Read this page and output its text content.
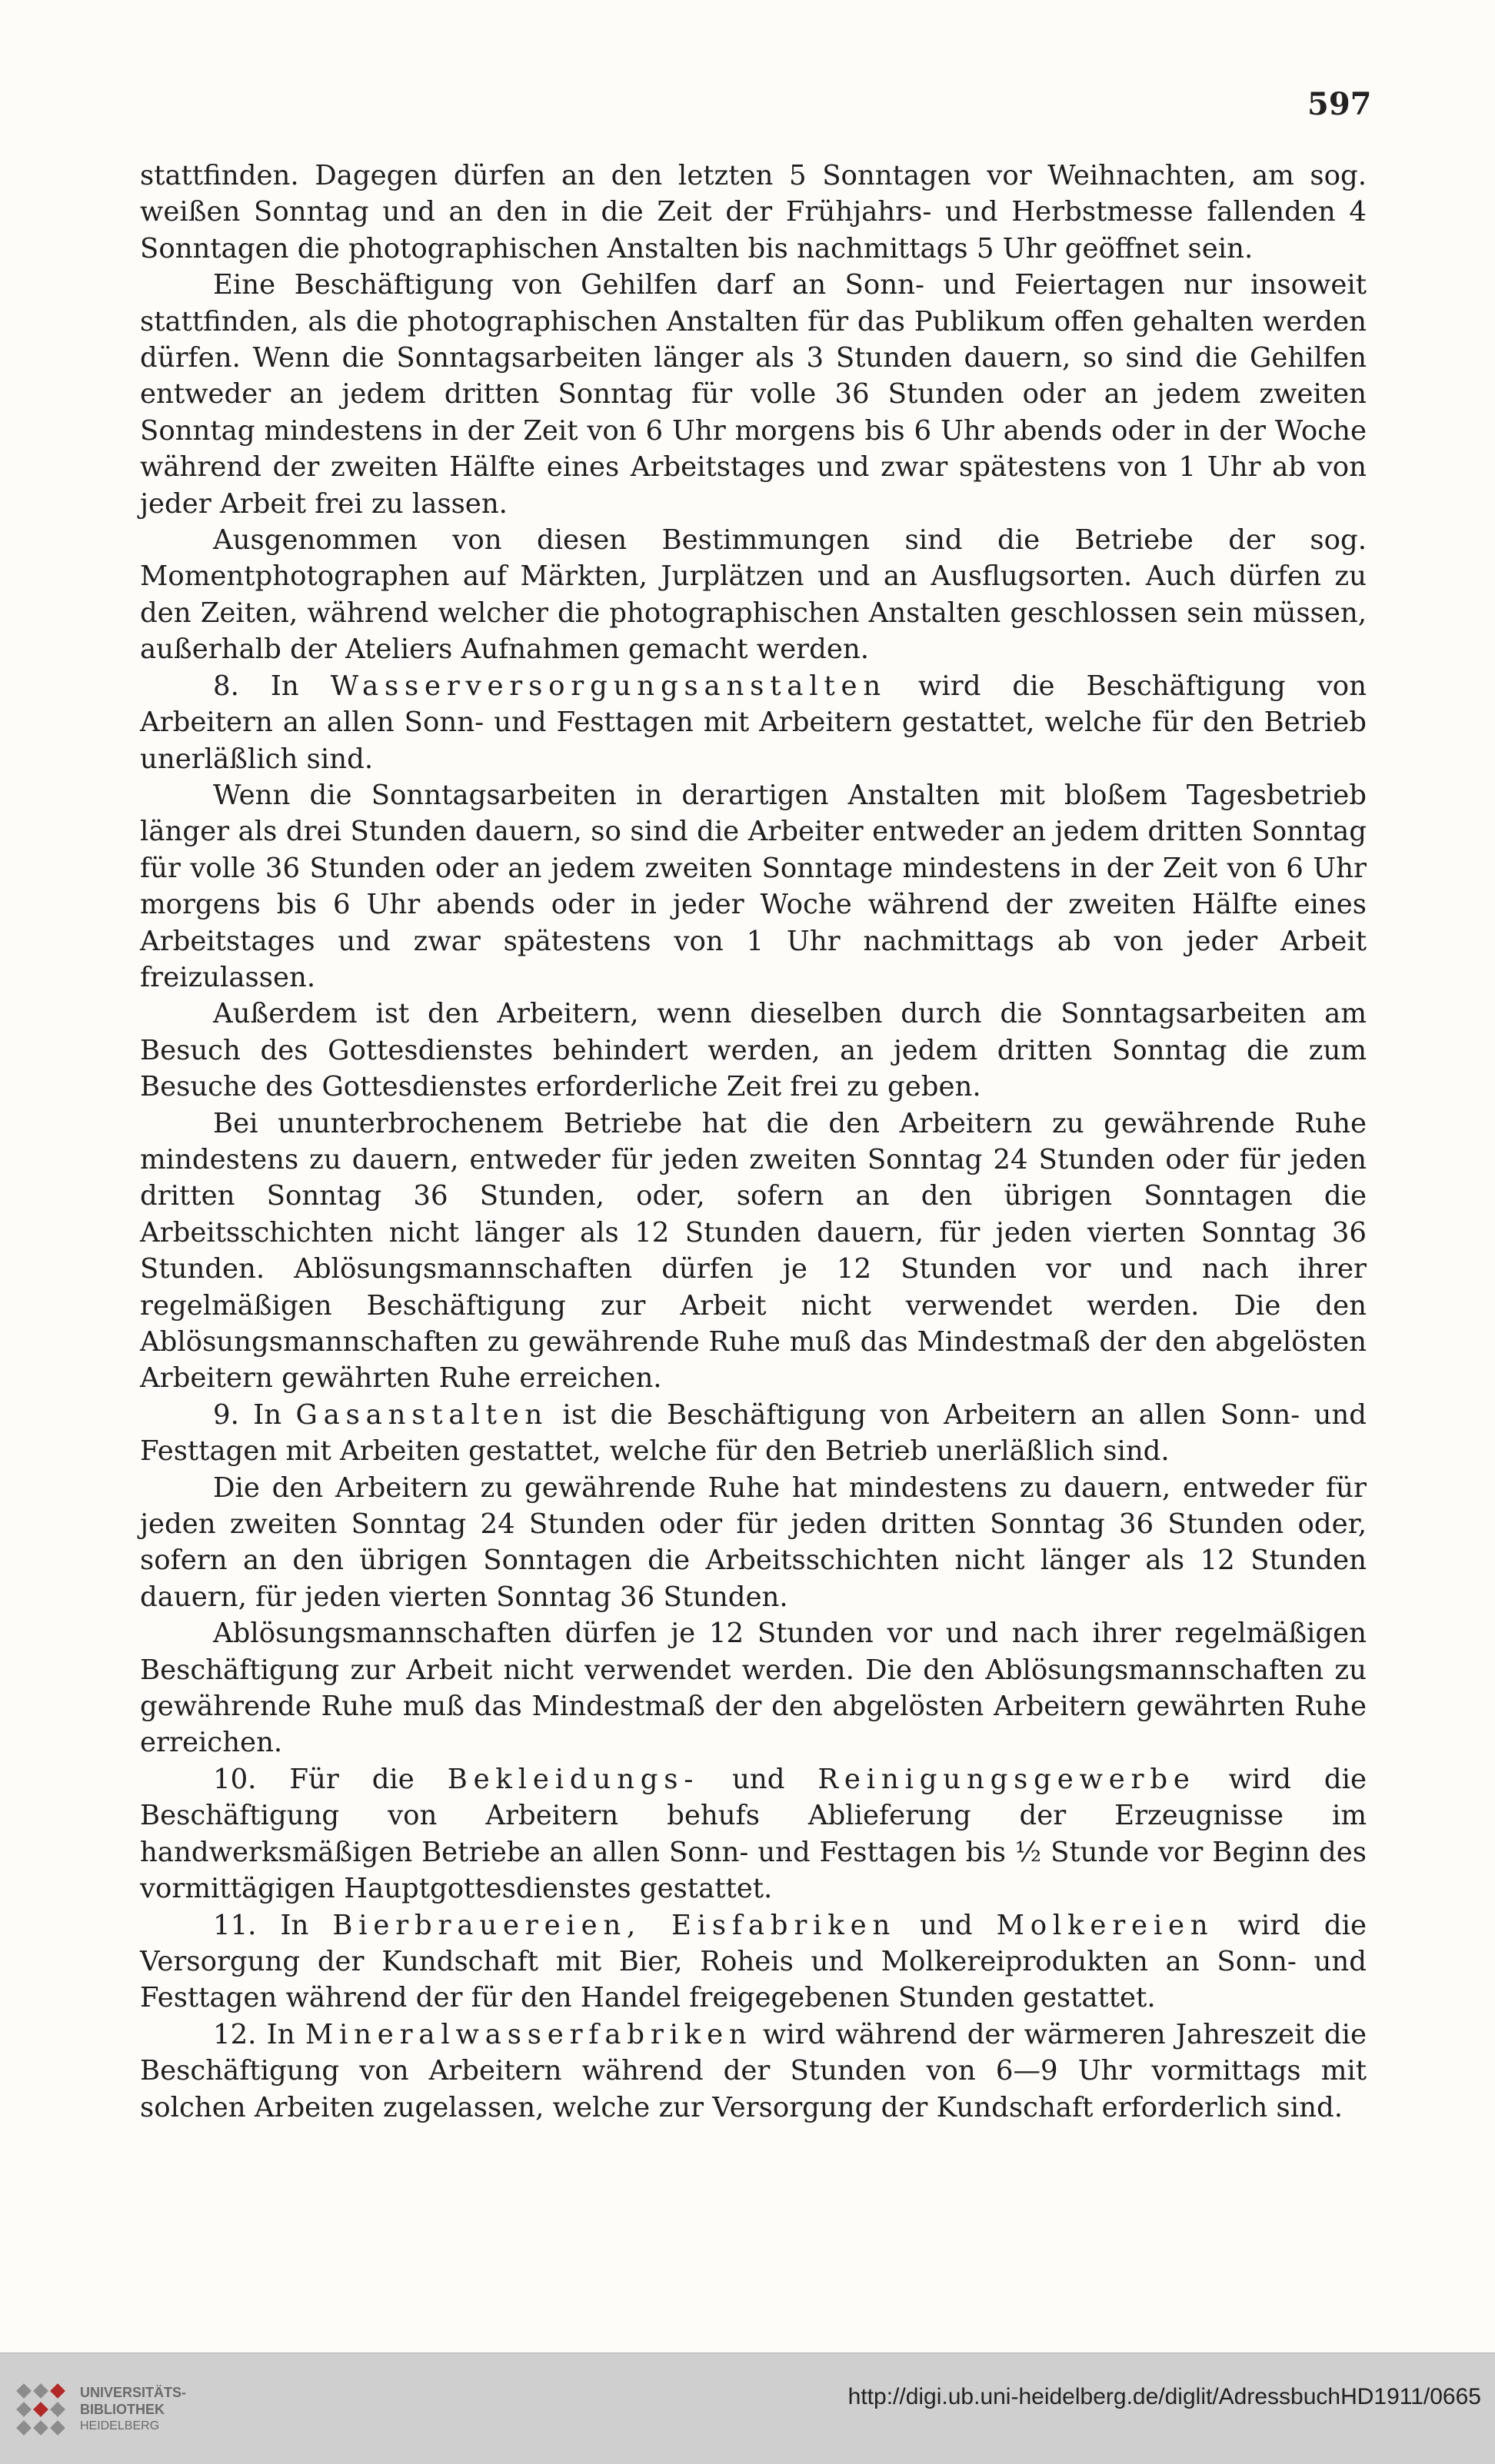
597

stattfinden. Dagegen dürfen an den letzten 5 Sonntagen vor Weihnachten, am sog. weißen Sonntag und an den in die Zeit der Frühjahrs- und Herbstmesse fallenden 4 Sonntagen die photographischen Anstalten bis nachmittags 5 Uhr geöffnet sein.

Eine Beschäftigung von Gehilfen darf an Sonn- und Feiertagen nur insoweit stattfinden, als die photographischen Anstalten für das Publikum offen gehalten werden dürfen. Wenn die Sonntagsarbeiten länger als 3 Stunden dauern, so sind die Gehilfen entweder an jedem dritten Sonntag für volle 36 Stunden oder an jedem zweiten Sonntag mindestens in der Zeit von 6 Uhr morgens bis 6 Uhr abends oder in der Woche während der zweiten Hälfte eines Arbeitstages und zwar spätestens von 1 Uhr ab von jeder Arbeit frei zu lassen.

Ausgenommen von diesen Bestimmungen sind die Betriebe der sog. Momentphotographen auf Märkten, Jurplätzen und an Ausflugsorten. Auch dürfen zu den Zeiten, während welcher die photographischen Anstalten geschlossen sein müssen, außerhalb der Ateliers Aufnahmen gemacht werden.

8. In Wasserversorgungsanstalten wird die Beschäftigung von Arbeitern an allen Sonn- und Festtagen mit Arbeitern gestattet, welche für den Betrieb unerläßlich sind.

Wenn die Sonntagsarbeiten in derartigen Anstalten mit bloßem Tagesbetrieb länger als drei Stunden dauern, so sind die Arbeiter entweder an jedem dritten Sonntag für volle 36 Stunden oder an jedem zweiten Sonntage mindestens in der Zeit von 6 Uhr morgens bis 6 Uhr abends oder in jeder Woche während der zweiten Hälfte eines Arbeitstages und zwar spätestens von 1 Uhr nachmittags ab von jeder Arbeit freizulassen.

Außerdem ist den Arbeitern, wenn dieselben durch die Sonntagsarbeiten am Besuch des Gottesdienstes behindert werden, an jedem dritten Sonntag die zum Besuche des Gottesdienstes erforderliche Zeit frei zu geben.

Bei ununterbrochenem Betriebe hat die den Arbeitern zu gewährende Ruhe mindestens zu dauern, entweder für jeden zweiten Sonntag 24 Stunden oder für jeden dritten Sonntag 36 Stunden, oder, sofern an den übrigen Sonntagen die Arbeitsschichten nicht länger als 12 Stunden dauern, für jeden vierten Sonntag 36 Stunden. Ablösungsmannschaften dürfen je 12 Stunden vor und nach ihrer regelmäßigen Beschäftigung zur Arbeit nicht verwendet werden. Die den Ablösungsmannschaften zu gewährende Ruhe muß das Mindestmaß der den abgelösten Arbeitern gewährten Ruhe erreichen.

9. In Gasanstalten ist die Beschäftigung von Arbeitern an allen Sonn- und Festtagen mit Arbeiten gestattet, welche für den Betrieb unerläßlich sind.

Die den Arbeitern zu gewährende Ruhe hat mindestens zu dauern, entweder für jeden zweiten Sonntag 24 Stunden oder für jeden dritten Sonntag 36 Stunden oder, sofern an den übrigen Sonntagen die Arbeitsschichten nicht länger als 12 Stunden dauern, für jeden vierten Sonntag 36 Stunden.

Ablösungsmannschaften dürfen je 12 Stunden vor und nach ihrer regelmäßigen Beschäftigung zur Arbeit nicht verwendet werden. Die den Ablösungsmannschaften zu gewährende Ruhe muß das Mindestmaß der den abgelösten Arbeitern gewährten Ruhe erreichen.

10. Für die Bekleidungs- und Reinigungsgewerbe wird die Beschäftigung von Arbeitern behufs Ablieferung der Erzeugnisse im handwerksmäßigen Betriebe an allen Sonn- und Festtagen bis ½ Stunde vor Beginn des vormittägigen Hauptgottesdienstes gestattet.

11. In Bierbrauereien, Eisfabriken und Molkereien wird die Versorgung der Kundschaft mit Bier, Roheis und Molkereiprodukten an Sonn- und Festtagen während der für den Handel freigegebenen Stunden gestattet.

12. In Mineralwasserfabriken wird während der wärmeren Jahreszeit die Beschäftigung von Arbeitern während der Stunden von 6—9 Uhr vormittags mit solchen Arbeiten zugelassen, welche zur Versorgung der Kundschaft erforderlich sind.

UNIVERSITÄTS-
BIBLIOTHEK
HEIDELBERG
http://digi.ub.uni-heidelberg.de/diglit/AdressbuchHD1911/0665
